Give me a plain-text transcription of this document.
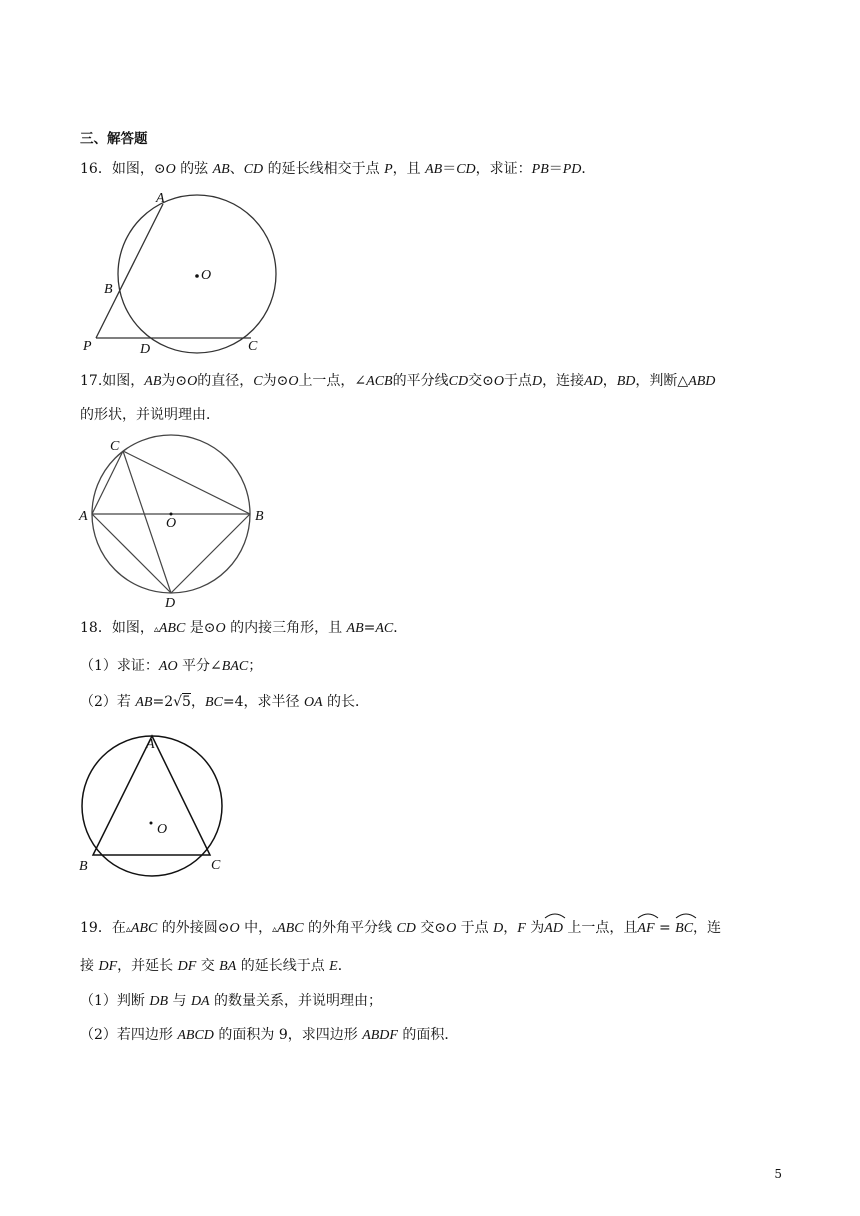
三、解答题
16．如图，⊙O 的弦 AB、CD 的延长线相交于点 P，且 AB＝CD，求证：PB＝PD．
A
B
O
P	D	C
17.如图，AB为⊙O的直径，C为⊙O上一点，∠ACB的平分线CD交⊙O于点D，连接AD，BD，判断△ABD
的形状，并说明理由．
C
A	B
O
D
18．如图，▵ABC 是⊙O 的内接三角形，且 AB=AC．
（1）求证：AO 平分∠BAC；
（2）若 AB=2√5，BC=4，求半径 OA 的长．
A
B	C
O
19．在▵ABC 的外接圆⊙O 中，▵ABC 的外角平分线 CD 交⊙O 于点 D，F 为
AD 上一点，且
AF =
BC，连
接 DF，并延长 DF 交 BA 的延长线于点 E．
（1）判断 DB 与 DA 的数量关系，并说明理由；
（2）若四边形 ABCD 的面积为 9，求四边形 ABDF 的面积．
5
